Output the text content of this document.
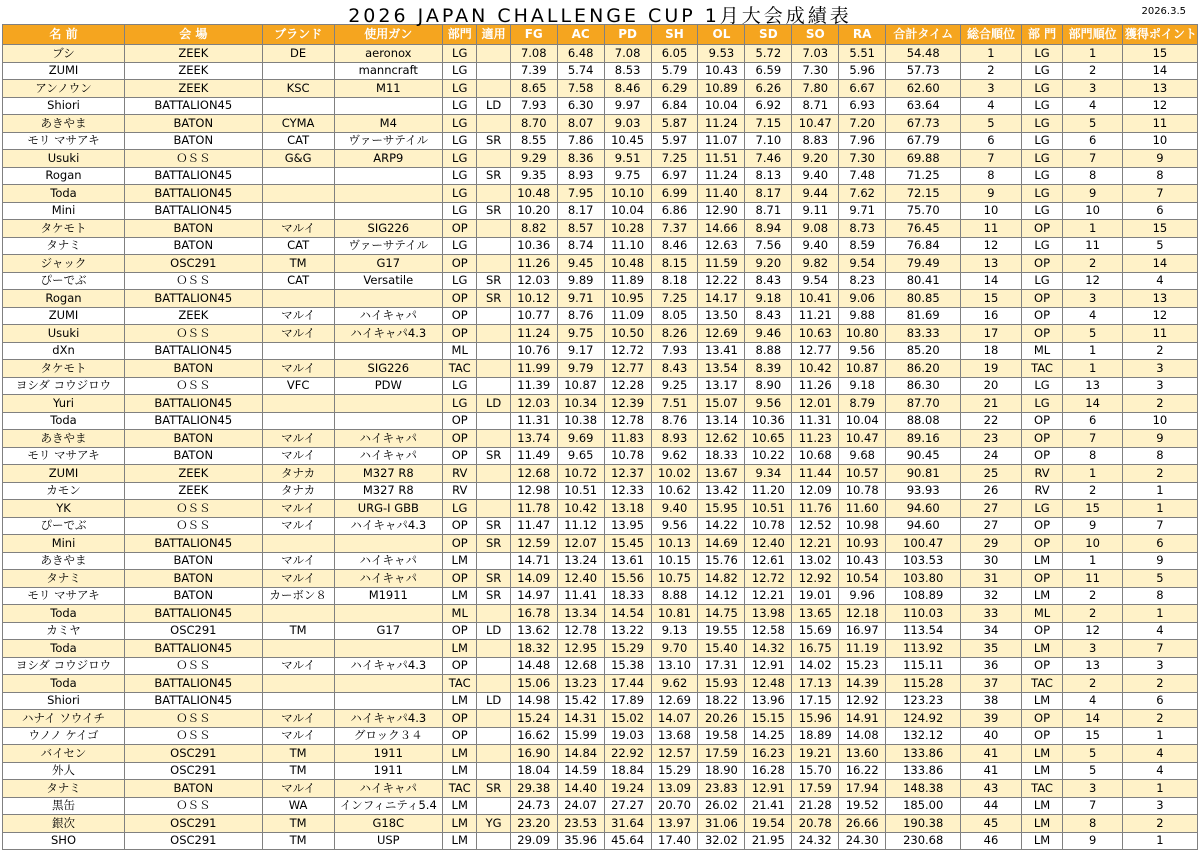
2026 JAPAN CHALLENGE CUP 1月大会成績表	2026.3.5
名 前	会 場	ブランド	使用ガン	部門	適用	FG	AC	PD	SH	OL	SD	SO	RA	合計タイム	総合順位	部 門	部門順位	獲得ポイント
ブシ	ZEEK	DE	aeronox	LG		7.08	6.48	7.08	6.05	9.53	5.72	7.03	5.51	54.48	1	LG	1	15
ZUMI	ZEEK		manncraft	LG		7.39	5.74	8.53	5.79	10.43	6.59	7.30	5.96	57.73	2	LG	2	14
アンノウン	ZEEK	KSC	M11	LG		8.65	7.58	8.46	6.29	10.89	6.26	7.80	6.67	62.60	3	LG	3	13
Shiori	BATTALION45			LG	LD	7.93	6.30	9.97	6.84	10.04	6.92	8.71	6.93	63.64	4	LG	4	12
あきやま	BATON	CYMA	M4	LG		8.70	8.07	9.03	5.87	11.24	7.15	10.47	7.20	67.73	5	LG	5	11
モリ マサアキ	BATON	CAT	ヴァーサテイル	LG	SR	8.55	7.86	10.45	5.97	11.07	7.10	8.83	7.96	67.79	6	LG	6	10
Usuki	ＯＳＳ	G&G	ARP9	LG		9.29	8.36	9.51	7.25	11.51	7.46	9.20	7.30	69.88	7	LG	7	9
Rogan	BATTALION45			LG	SR	9.35	8.93	9.75	6.97	11.24	8.13	9.40	7.48	71.25	8	LG	8	8
Toda	BATTALION45			LG		10.48	7.95	10.10	6.99	11.40	8.17	9.44	7.62	72.15	9	LG	9	7
Mini	BATTALION45			LG	SR	10.20	8.17	10.04	6.86	12.90	8.71	9.11	9.71	75.70	10	LG	10	6
タケモト	BATON	マルイ	SIG226	OP		8.82	8.57	10.28	7.37	14.66	8.94	9.08	8.73	76.45	11	OP	1	15
タナミ	BATON	CAT	ヴァーサテイル	LG		10.36	8.74	11.10	8.46	12.63	7.56	9.40	8.59	76.84	12	LG	11	5
ジャック	OSC291	TM	G17	OP		11.26	9.45	10.48	8.15	11.59	9.20	9.82	9.54	79.49	13	OP	2	14
ぴーでぶ	ＯＳＳ	CAT	Versatile	LG	SR	12.03	9.89	11.89	8.18	12.22	8.43	9.54	8.23	80.41	14	LG	12	4
Rogan	BATTALION45			OP	SR	10.12	9.71	10.95	7.25	14.17	9.18	10.41	9.06	80.85	15	OP	3	13
ZUMI	ZEEK	マルイ	ハイキャパ	OP		10.77	8.76	11.09	8.05	13.50	8.43	11.21	9.88	81.69	16	OP	4	12
Usuki	ＯＳＳ	マルイ	ハイキャパ4.3	OP		11.24	9.75	10.50	8.26	12.69	9.46	10.63	10.80	83.33	17	OP	5	11
dXn	BATTALION45			ML		10.76	9.17	12.72	7.93	13.41	8.88	12.77	9.56	85.20	18	ML	1	2
タケモト	BATON	マルイ	SIG226	TAC		11.99	9.79	12.77	8.43	13.54	8.39	10.42	10.87	86.20	19	TAC	1	3
ヨシダ コウジロウ	ＯＳＳ	VFC	PDW	LG		11.39	10.87	12.28	9.25	13.17	8.90	11.26	9.18	86.30	20	LG	13	3
Yuri	BATTALION45			LG	LD	12.03	10.34	12.39	7.51	15.07	9.56	12.01	8.79	87.70	21	LG	14	2
Toda	BATTALION45			OP		11.31	10.38	12.78	8.76	13.14	10.36	11.31	10.04	88.08	22	OP	6	10
あきやま	BATON	マルイ	ハイキャパ	OP		13.74	9.69	11.83	8.93	12.62	10.65	11.23	10.47	89.16	23	OP	7	9
モリ マサアキ	BATON	マルイ	ハイキャパ	OP	SR	11.49	9.65	10.78	9.62	18.33	10.22	10.68	9.68	90.45	24	OP	8	8
ZUMI	ZEEK	タナカ	M327 R8	RV		12.68	10.72	12.37	10.02	13.67	9.34	11.44	10.57	90.81	25	RV	1	2
カモン	ZEEK	タナカ	M327 R8	RV		12.98	10.51	12.33	10.62	13.42	11.20	12.09	10.78	93.93	26	RV	2	1
YK	ＯＳＳ	マルイ	URG-I GBB	LG		11.78	10.42	13.18	9.40	15.95	10.51	11.76	11.60	94.60	27	LG	15	1
ぴーでぶ	ＯＳＳ	マルイ	ハイキャパ4.3	OP	SR	11.47	11.12	13.95	9.56	14.22	10.78	12.52	10.98	94.60	27	OP	9	7
Mini	BATTALION45			OP	SR	12.59	12.07	15.45	10.13	14.69	12.40	12.21	10.93	100.47	29	OP	10	6
あきやま	BATON	マルイ	ハイキャパ	LM		14.71	13.24	13.61	10.15	15.76	12.61	13.02	10.43	103.53	30	LM	1	9
タナミ	BATON	マルイ	ハイキャパ	OP	SR	14.09	12.40	15.56	10.75	14.82	12.72	12.92	10.54	103.80	31	OP	11	5
モリ マサアキ	BATON	カーボン８	M1911	LM	SR	14.97	11.41	18.33	8.88	14.12	12.21	19.01	9.96	108.89	32	LM	2	8
Toda	BATTALION45			ML		16.78	13.34	14.54	10.81	14.75	13.98	13.65	12.18	110.03	33	ML	2	1
カミヤ	OSC291	TM	G17	OP	LD	13.62	12.78	13.22	9.13	19.55	12.58	15.69	16.97	113.54	34	OP	12	4
Toda	BATTALION45			LM		18.32	12.95	15.29	9.70	15.40	14.32	16.75	11.19	113.92	35	LM	3	7
ヨシダ コウジロウ	ＯＳＳ	マルイ	ハイキャパ4.3	OP		14.48	12.68	15.38	13.10	17.31	12.91	14.02	15.23	115.11	36	OP	13	3
Toda	BATTALION45			TAC		15.06	13.23	17.44	9.62	15.93	12.48	17.13	14.39	115.28	37	TAC	2	2
Shiori	BATTALION45			LM	LD	14.98	15.42	17.89	12.69	18.22	13.96	17.15	12.92	123.23	38	LM	4	6
ハナイ ソウイチ	ＯＳＳ	マルイ	ハイキャパ4.3	OP		15.24	14.31	15.02	14.07	20.26	15.15	15.96	14.91	124.92	39	OP	14	2
ウノノ ケイゴ	ＯＳＳ	マルイ	グロック３４	OP		16.62	15.99	19.03	13.68	19.58	14.25	18.89	14.08	132.12	40	OP	15	1
バイセン	OSC291	TM	1911	LM		16.90	14.84	22.92	12.57	17.59	16.23	19.21	13.60	133.86	41	LM	5	4
外人	OSC291	TM	1911	LM		18.04	14.59	18.84	15.29	18.90	16.28	15.70	16.22	133.86	41	LM	5	4
タナミ	BATON	マルイ	ハイキャパ	TAC	SR	29.38	14.40	19.24	13.09	23.83	12.91	17.59	17.94	148.38	43	TAC	3	1
黒缶	ＯＳＳ	WA	インフィニティ5.4	LM		24.73	24.07	27.27	20.70	26.02	21.41	21.28	19.52	185.00	44	LM	7	3
銀次	OSC291	TM	G18C	LM	YG	23.20	23.53	31.64	13.97	31.06	19.54	20.78	26.66	190.38	45	LM	8	2
SHO	OSC291	TM	USP	LM		29.09	35.96	45.64	17.40	32.02	21.95	24.32	24.30	230.68	46	LM	9	1
